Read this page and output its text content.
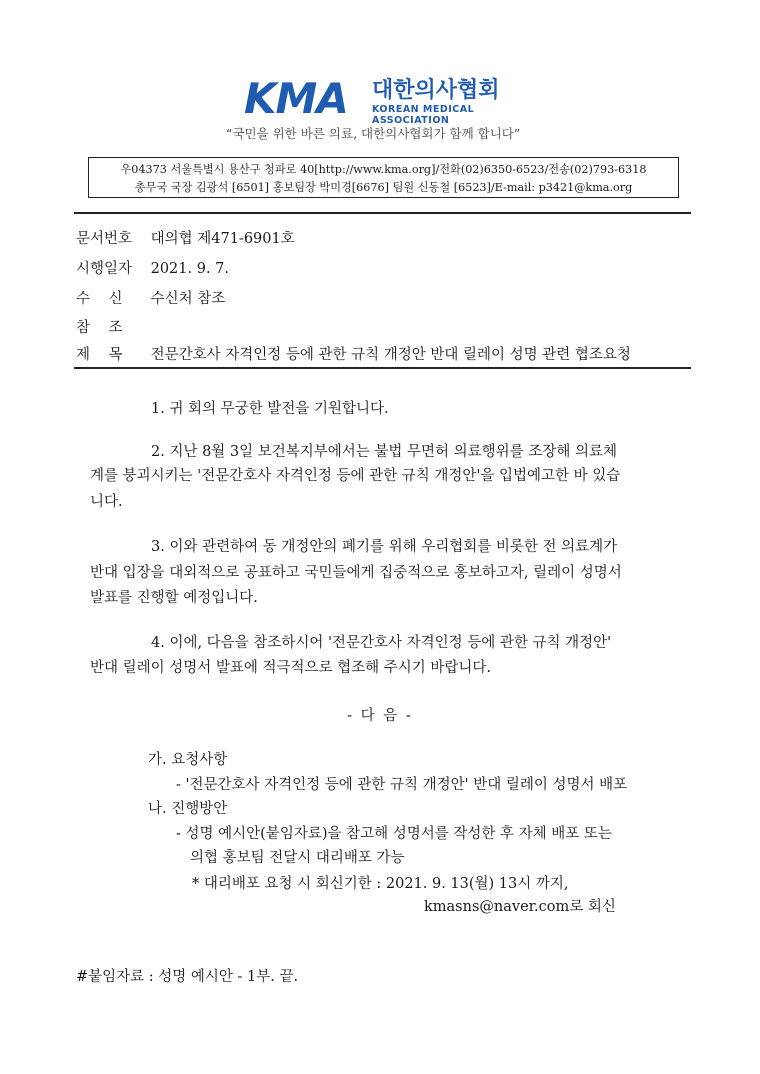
KMA 대한의사협회
KOREAN MEDICAL ASSOCIATION
“국민을 위한 바른 의료, 대한의사협회가 함께 합니다”
우04373 서울특별시 용산구 청파로 40[http://www.kma.org]/전화(02)6350-6523/전송(02)793-6318
총무국 국장 김광석 [6501] 홍보팀장 박미경[6676] 팀원 신동철 [6523]/E-mail: p3421@kma.org
문서번호 대의협 제471-6901호
시행일자 2021. 9. 7.
수    신 수신처 참조
참    조
제    목 전문간호사 자격인정 등에 관한 규칙 개정안 반대 릴레이 성명 관련 협조요청
1. 귀 회의 무궁한 발전을 기원합니다.
2. 지난 8월 3일 보건복지부에서는 불법 무면허 의료행위를 조장해 의료체
계를 붕괴시키는 '전문간호사 자격인정 등에 관한 규칙 개정안'을 입법예고한 바 있습
니다.
3. 이와 관련하여 동 개정안의 폐기를 위해 우리협회를 비롯한 전 의료계가
반대 입장을 대외적으로 공표하고 국민들에게 집중적으로 홍보하고자, 릴레이 성명서
발표를 진행할 예정입니다.
4. 이에, 다음을 참조하시어 '전문간호사 자격인정 등에 관한 규칙 개정안'
반대 릴레이 성명서 발표에 적극적으로 협조해 주시기 바랍니다.
- 다 음 -
가. 요청사항
- '전문간호사 자격인정 등에 관한 규칙 개정안' 반대 릴레이 성명서 배포
나. 진행방안
- 성명 예시안(붙임자료)을 참고해 성명서를 작성한 후 자체 배포 또는
의협 홍보팀 전달시 대리배포 가능
* 대리배포 요청 시 회신기한 : 2021. 9. 13(월) 13시 까지,
kmasns@naver.com로 회신
#붙임자료 : 성명 예시안 - 1부. 끝.
